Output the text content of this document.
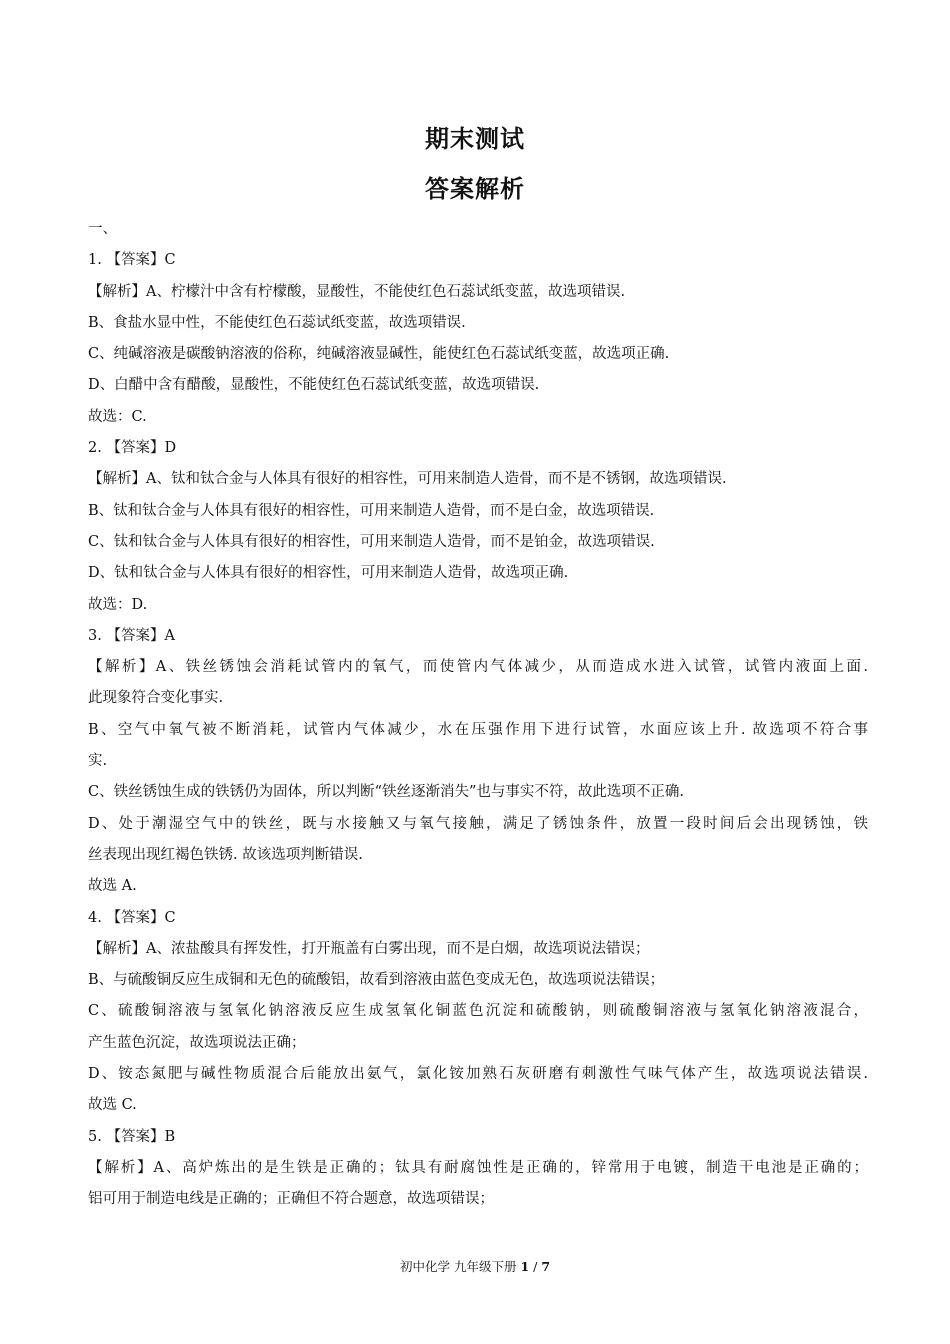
期末测试
答案解析
一、
1. 【答案】C
【解析】A、柠檬汁中含有柠檬酸，显酸性，不能使红色石蕊试纸变蓝，故选项错误.
B、食盐水显中性，不能使红色石蕊试纸变蓝，故选项错误.
C、纯碱溶液是碳酸钠溶液的俗称，纯碱溶液显碱性，能使红色石蕊试纸变蓝，故选项正确.
D、白醋中含有醋酸，显酸性，不能使红色石蕊试纸变蓝，故选项错误.
故选：C.
2. 【答案】D
【解析】A、钛和钛合金与人体具有很好的相容性，可用来制造人造骨，而不是不锈钢，故选项错误.
B、钛和钛合金与人体具有很好的相容性，可用来制造人造骨，而不是白金，故选项错误.
C、钛和钛合金与人体具有很好的相容性，可用来制造人造骨，而不是铂金，故选项错误.
D、钛和钛合金与人体具有很好的相容性，可用来制造人造骨，故选项正确.
故选：D.
3. 【答案】A
【解析】A、铁丝锈蚀会消耗试管内的氧气，而使管内气体减少，从而造成水进入试管，试管内液面上面.
此现象符合变化事实.
B、空气中氧气被不断消耗，试管内气体减少，水在压强作用下进行试管，水面应该上升. 故选项不符合事
实.
C、铁丝锈蚀生成的铁锈仍为固体，所以判断“铁丝逐渐消失”也与事实不符，故此选项不正确.
D、处于潮湿空气中的铁丝，既与水接触又与氧气接触，满足了锈蚀条件，放置一段时间后会出现锈蚀，铁
丝表现出现红褐色铁锈. 故该选项判断错误.
故选 A.
4. 【答案】C
【解析】A、浓盐酸具有挥发性，打开瓶盖有白雾出现，而不是白烟，故选项说法错误；
B、与硫酸铜反应生成铜和无色的硫酸铝，故看到溶液由蓝色变成无色，故选项说法错误；
C、硫酸铜溶液与氢氧化钠溶液反应生成氢氧化铜蓝色沉淀和硫酸钠，则硫酸铜溶液与氢氧化钠溶液混合，
产生蓝色沉淀，故选项说法正确；
D、铵态氮肥与碱性物质混合后能放出氨气，氯化铵加熟石灰研磨有刺激性气味气体产生，故选项说法错误.
故选 C.
5. 【答案】B
【解析】A、高炉炼出的是生铁是正确的；钛具有耐腐蚀性是正确的，锌常用于电镀，制造干电池是正确的；
铝可用于制造电线是正确的；正确但不符合题意，故选项错误；
初中化学 九年级下册 1 / 7
